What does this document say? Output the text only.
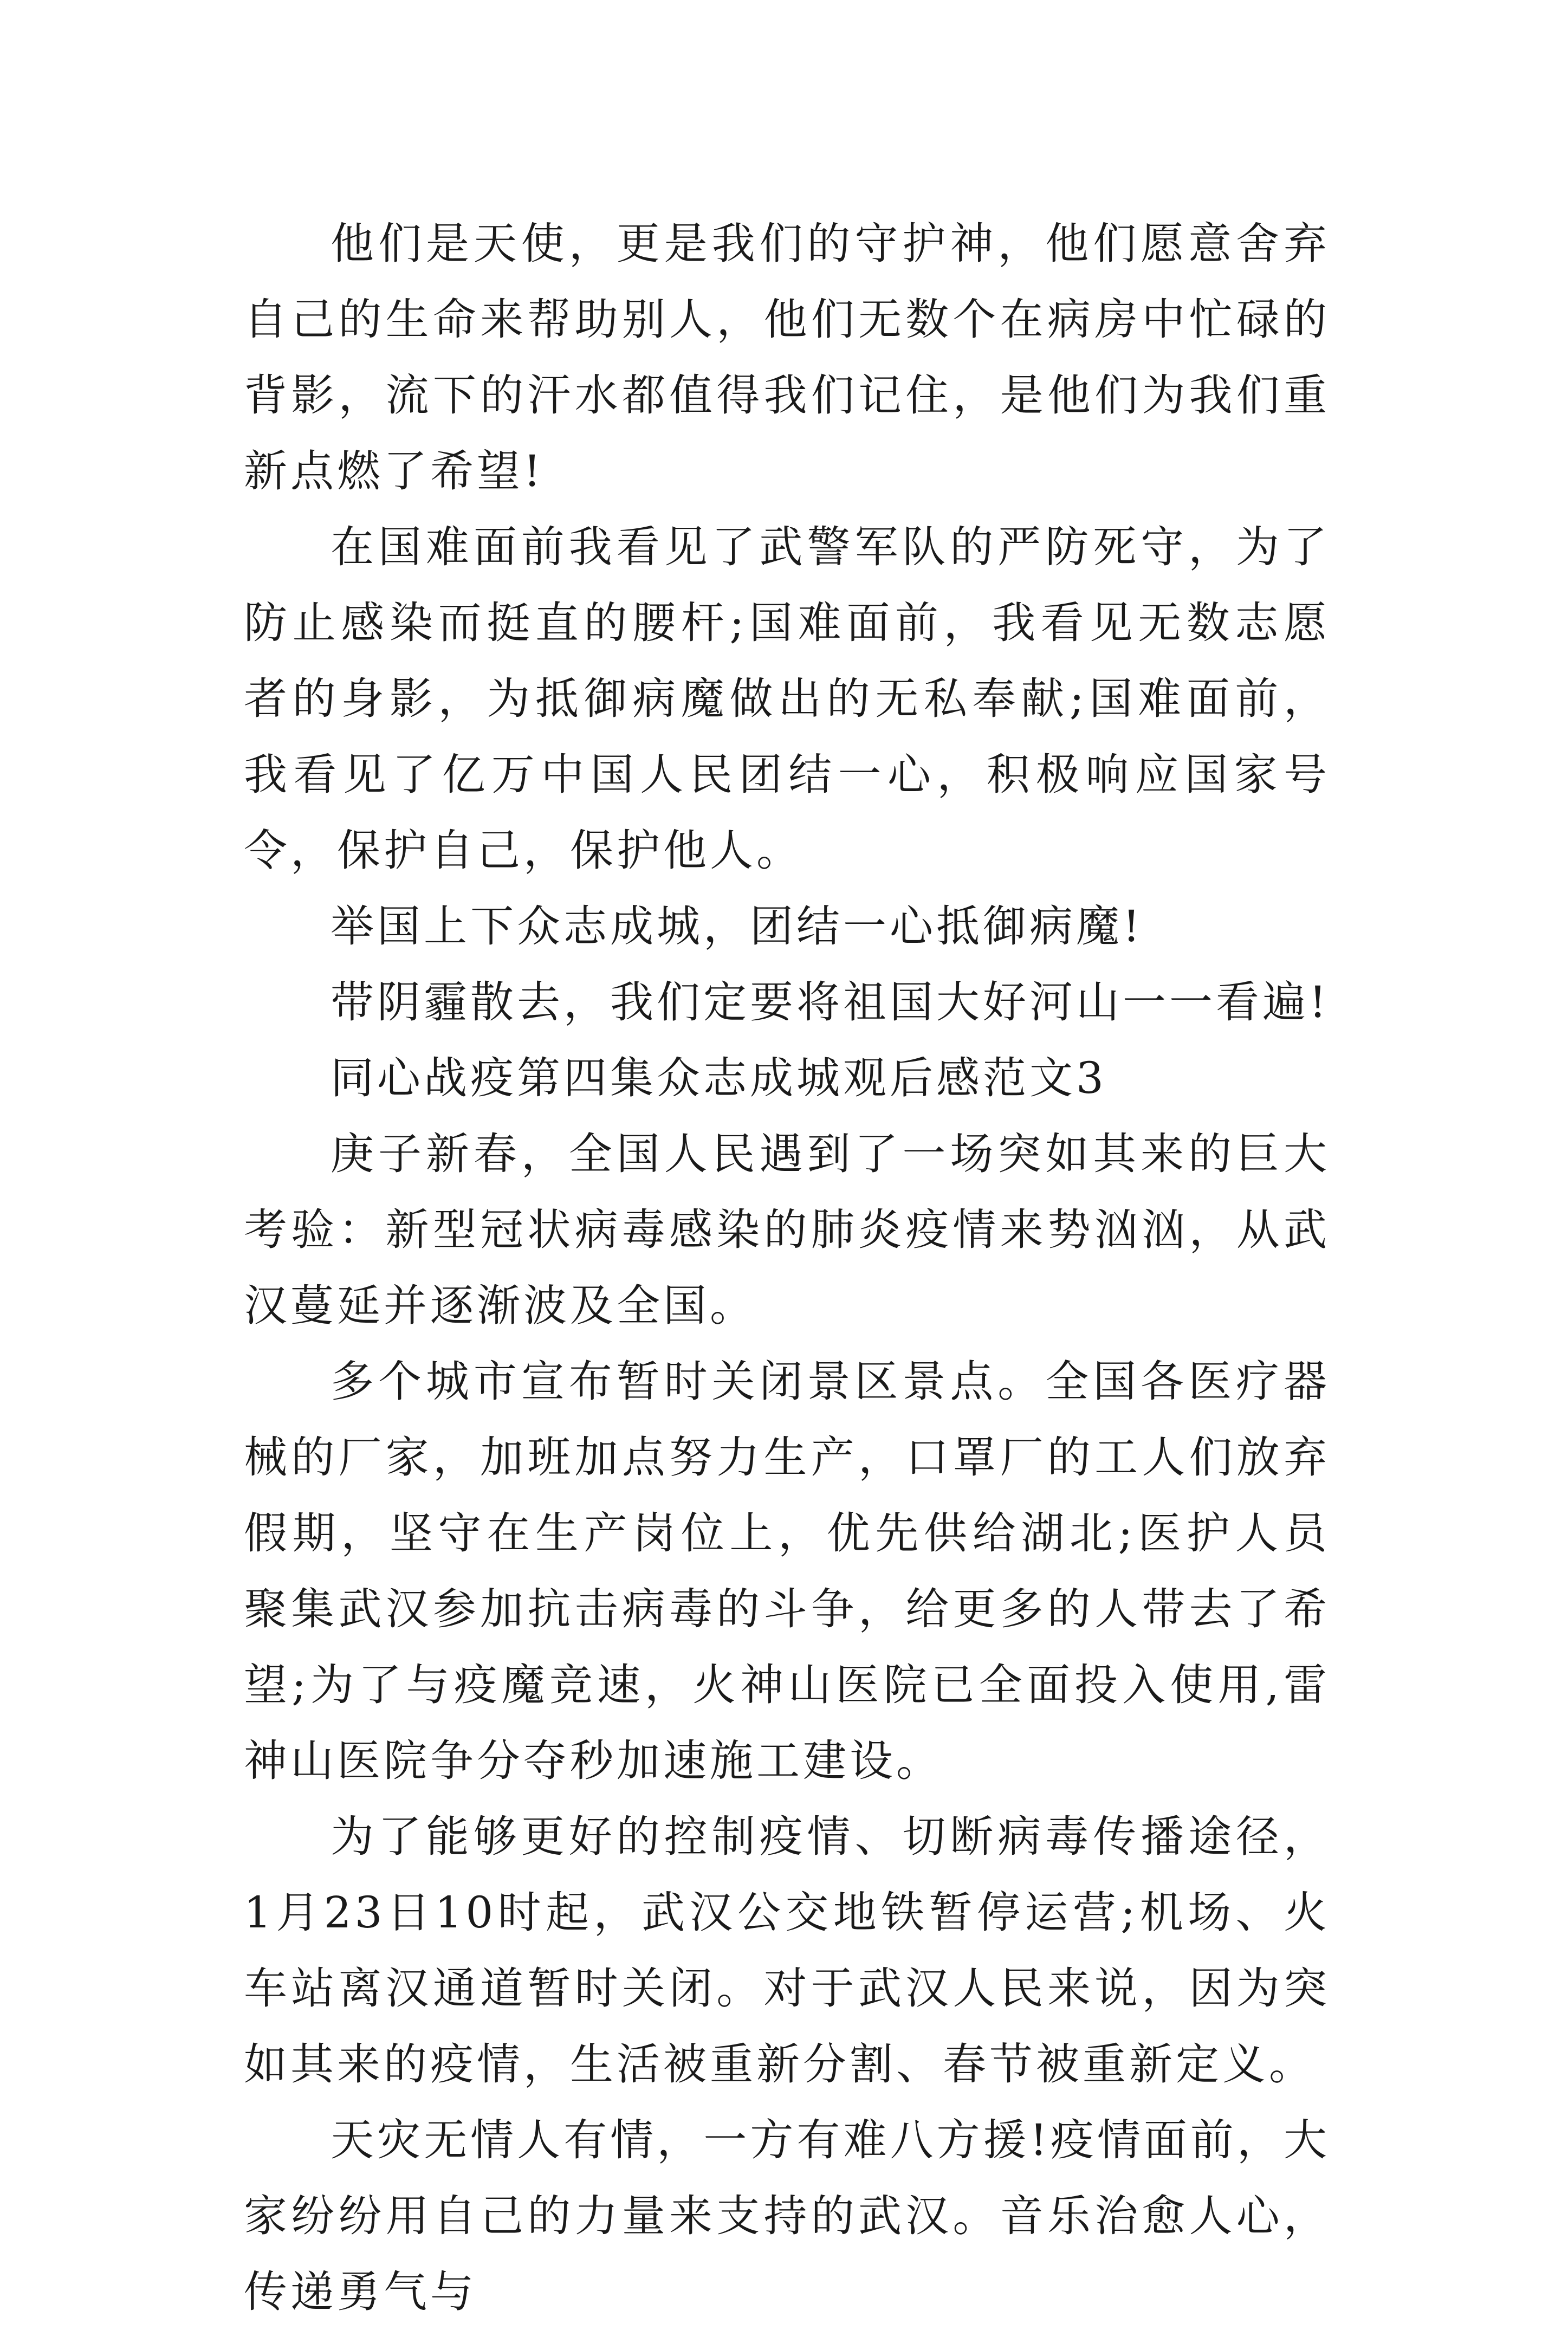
他们是天使，更是我们的守护神，他们愿意舍弃自己的生命来帮助别人，他们无数个在病房中忙碌的背影，流下的汗水都值得我们记住，是他们为我们重新点燃了希望!

在国难面前我看见了武警军队的严防死守，为了防止感染而挺直的腰杆;国难面前，我看见无数志愿者的身影，为抵御病魔做出的无私奉献;国难面前，我看见了亿万中国人民团结一心，积极响应国家号令，保护自己，保护他人。

举国上下众志成城，团结一心抵御病魔!

带阴霾散去，我们定要将祖国大好河山一一看遍!

同心战疫第四集众志成城观后感范文3

庚子新春，全国人民遇到了一场突如其来的巨大考验：新型冠状病毒感染的肺炎疫情来势汹汹，从武汉蔓延并逐渐波及全国。

多个城市宣布暂时关闭景区景点。全国各医疗器械的厂家，加班加点努力生产，口罩厂的工人们放弃假期，坚守在生产岗位上，优先供给湖北;医护人员聚集武汉参加抗击病毒的斗争，给更多的人带去了希望;为了与疫魔竞速，火神山医院已全面投入使用,雷神山医院争分夺秒加速施工建设。

为了能够更好的控制疫情、切断病毒传播途径，1月23日10时起，武汉公交地铁暂停运营;机场、火车站离汉通道暂时关闭。对于武汉人民来说，因为突如其来的疫情，生活被重新分割、春节被重新定义。

天灾无情人有情，一方有难八方援!疫情面前，大家纷纷用自己的力量来支持的武汉。音乐治愈人心，传递勇气与
